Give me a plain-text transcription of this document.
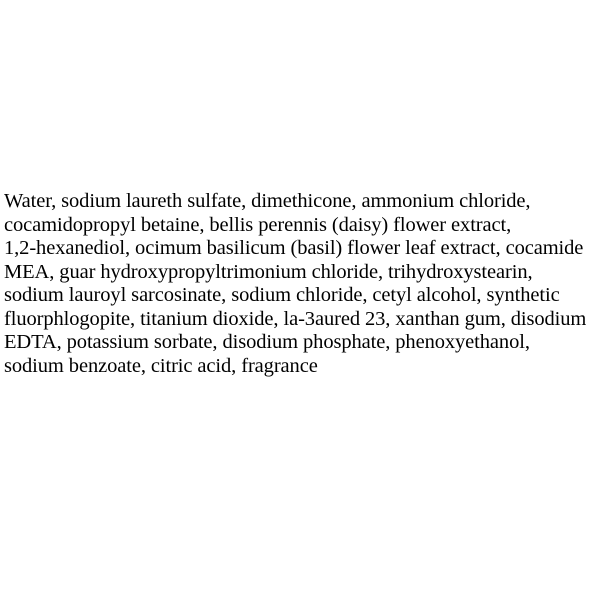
Water, sodium laureth sulfate, dimethicone, ammonium chloride,
cocamidopropyl betaine, bellis perennis (daisy) flower extract,
1,2-hexanediol, ocimum basilicum (basil) flower leaf extract, cocamide
MEA, guar hydroxypropyltrimonium chloride, trihydroxystearin,
sodium lauroyl sarcosinate, sodium chloride, cetyl alcohol, synthetic
fluorphlogopite, titanium dioxide, la-3aured 23, xanthan gum, disodium
EDTA, potassium sorbate, disodium phosphate, phenoxyethanol,
sodium benzoate, citric acid, fragrance
